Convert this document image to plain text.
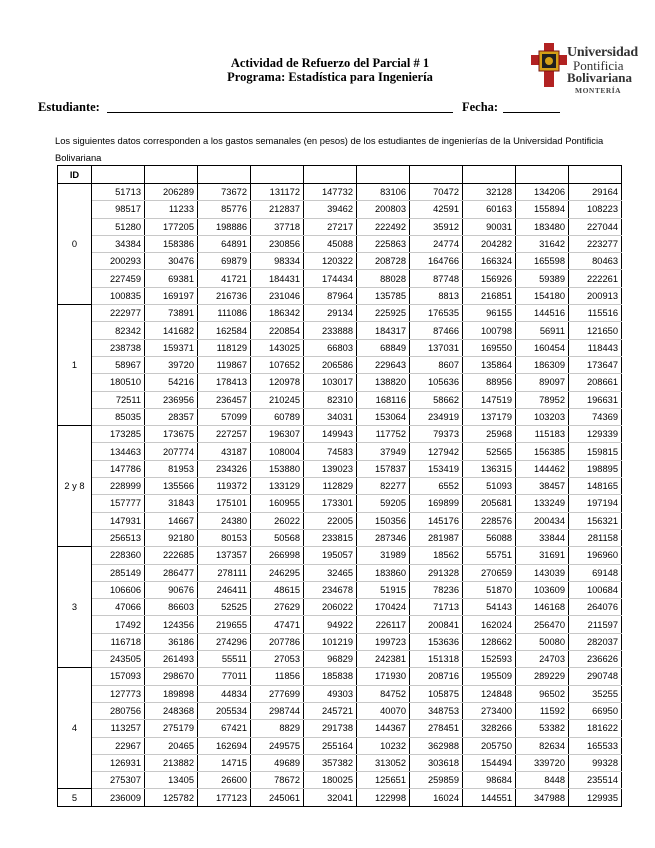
Actividad de Refuerzo del Parcial # 1
Programa: Estadística para Ingeniería
Universidad
Pontificia
Bolivariana
MONTERÍA
Estudiante:	Fecha:
Los siguientes datos corresponden a los gastos semanales (en pesos) de los estudiantes de ingenierías de la Universidad Pontificia Bolivariana
ID										
0	51713	206289	73672	131172	147732	83106	70472	32128	134206	29164
	98517	11233	85776	212837	39462	200803	42591	60163	155894	108223
	51280	177205	198886	37718	27217	222492	35912	90031	183480	227044
	34384	158386	64891	230856	45088	225863	24774	204282	31642	223277
	200293	30476	69879	98334	120322	208728	164766	166324	165598	80463
	227459	69381	41721	184431	174434	88028	87748	156926	59389	222261
	100835	169197	216736	231046	87964	135785	8813	216851	154180	200913
1	222977	73891	111086	186342	29134	225925	176535	96155	144516	115516
	82342	141682	162584	220854	233888	184317	87466	100798	56911	121650
	238738	159371	118129	143025	66803	68849	137031	169550	160454	118443
	58967	39720	119867	107652	206586	229643	8607	135864	186309	173647
	180510	54216	178413	120978	103017	138820	105636	88956	89097	208661
	72511	236956	236457	210245	82310	168116	58662	147519	78952	196631
	85035	28357	57099	60789	34031	153064	234919	137179	103203	74369
2 y 8	173285	173675	227257	196307	149943	117752	79373	25968	115183	129339
	134463	207774	43187	108004	74583	37949	127942	52565	156385	159815
	147786	81953	234326	153880	139023	157837	153419	136315	144462	198895
	228999	135566	119372	133129	112829	82277	6552	51093	38457	148165
	157777	31843	175101	160955	173301	59205	169899	205681	133249	197194
	147931	14667	24380	26022	22005	150356	145176	228576	200434	156321
	256513	92180	80153	50568	233815	287346	281987	56088	33844	281158
3	228360	222685	137357	266998	195057	31989	18562	55751	31691	196960
	285149	286477	278111	246295	32465	183860	291328	270659	143039	69148
	106606	90676	246411	48615	234678	51915	78236	51870	103609	100684
	47066	86603	52525	27629	206022	170424	71713	54143	146168	264076
	17492	124356	219655	47471	94922	226117	200841	162024	256470	211597
	116718	36186	274296	207786	101219	199723	153636	128662	50080	282037
	243505	261493	55511	27053	96829	242381	151318	152593	24703	236626
4	157093	298670	77011	11856	185838	171930	208716	195509	289229	290748
	127773	189898	44834	277699	49303	84752	105875	124848	96502	35255
	280756	248368	205534	298744	245721	40070	348753	273400	11592	66950
	113257	275179	67421	8829	291738	144367	278451	328266	53382	181622
	22967	20465	162694	249575	255164	10232	362988	205750	82634	165533
	126931	213882	14715	49689	357382	313052	303618	154494	339720	99328
	275307	13405	26600	78672	180025	125651	259859	98684	8448	235514
5	236009	125782	177123	245061	32041	122998	16024	144551	347988	129935
